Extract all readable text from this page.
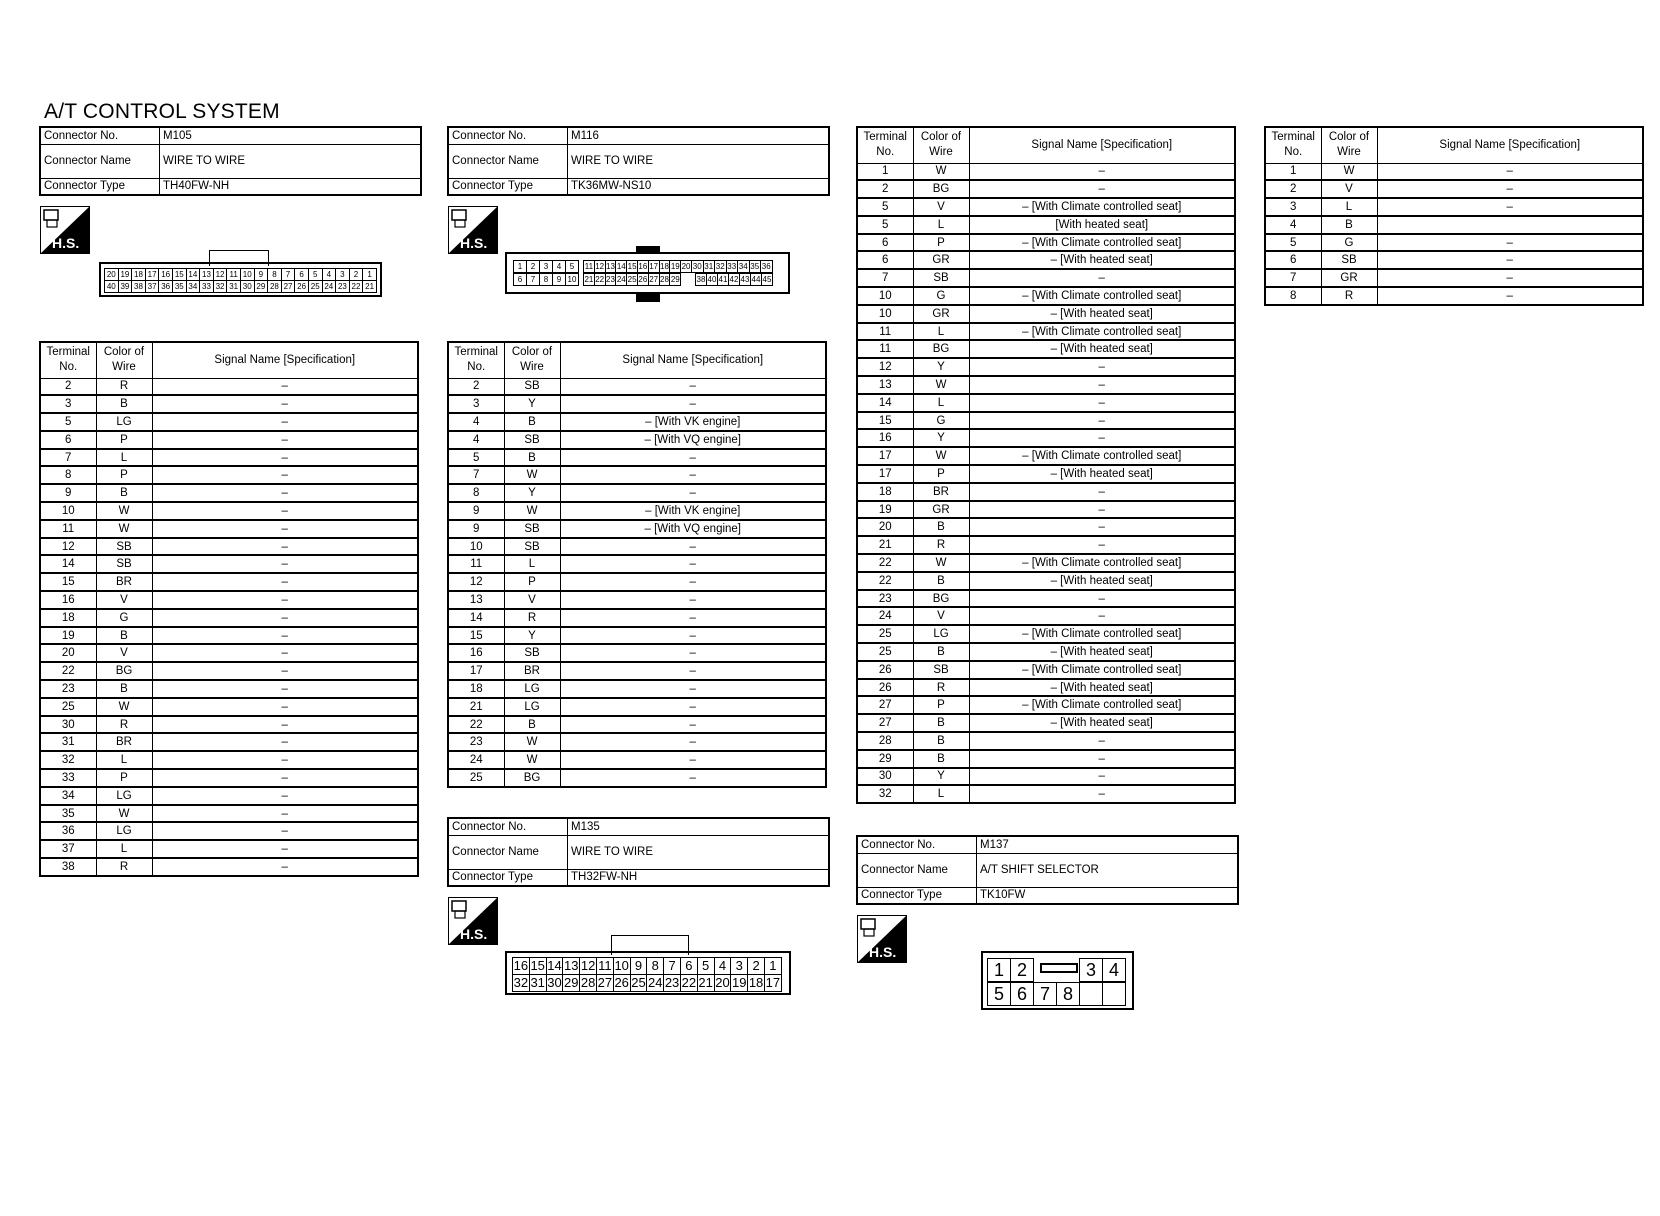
A/T CONTROL SYSTEM
Connector No.	M105
Connector Name	WIRE TO WIRE
Connector Type	TH40FW-NH
H.S.
20 19 18 17 16 15 14 13 12 11 10 9	8	7	6	5	4	3	2	1
40 39 38 37 36 35 34 33 32 31 30 29 28 27 26 25 24 23 22 21
Terminal No.	Color of Wire	Signal Name [Specification]
2	R	–
3	B	–
5	LG	–
6	P	–
7	L	–
8	P	–
9	B	–
10	W	–
11	W	–
12	SB	–
14	SB	–
15	BR	–
16	V	–
18	G	–
19	B	–
20	V	–
22	BG	–
23	B	–
25	W	–
30	R	–
31	BR	–
32	L	–
33	P	–
34	LG	–
35	W	–
36	LG	–
37	L	–
38	R	–
Connector No.	M116
Connector Name	WIRE TO WIRE
Connector Type	TK36MW-NS10
H.S.
1	2	3	4	5
6	7	8	9 10
11 12 13 14 15 16 17 18 19 20
21 22 23 24 25 26 27 28 29
30 31 32 33 34 35 36
38 40 41 42 43 44 45
Terminal No.	Color of Wire	Signal Name [Specification]
2	SB	–
3	Y	–
4	B	– [With VK engine]
4	SB	– [With VQ engine]
5	B	–
7	W	–
8	Y	–
9	W	– [With VK engine]
9	SB	– [With VQ engine]
10	SB	–
11	L	–
12	P	–
13	V	–
14	R	–
15	Y	–
16	SB	–
17	BR	–
18	LG	–
21	LG	–
22	B	–
23	W	–
24	W	–
25	BG	–
Connector No.	M135
Connector Name	WIRE TO WIRE
Connector Type	TH32FW-NH
H.S.
16 15 14 13 12 11 10 9 8 7 6 5 4 3 2 1
32 31 30 29 28 27 26 25 24 23 22 21 20 19 18 17
Terminal No.	Color of Wire	Signal Name [Specification]
1	W	–
2	BG	–
5	V	– [With Climate controlled seat]
5	L	[With heated seat]
6	P	– [With Climate controlled seat]
6	GR	– [With heated seat]
7	SB	–
10	G	– [With Climate controlled seat]
10	GR	– [With heated seat]
11	L	– [With Climate controlled seat]
11	BG	– [With heated seat]
12	Y	–
13	W	–
14	L	–
15	G	–
16	Y	–
17	W	– [With Climate controlled seat]
17	P	– [With heated seat]
18	BR	–
19	GR	–
20	B	–
21	R	–
22	W	– [With Climate controlled seat]
22	B	– [With heated seat]
23	BG	–
24	V	–
25	LG	– [With Climate controlled seat]
25	B	– [With heated seat]
26	SB	– [With Climate controlled seat]
26	R	– [With heated seat]
27	P	– [With Climate controlled seat]
27	B	– [With heated seat]
28	B	–
29	B	–
30	Y	–
32	L	–
Connector No.	M137
Connector Name	A/T SHIFT SELECTOR
Connector Type	TK10FW
H.S.
1 2	3 4
5 6 7 8
Terminal No.	Color of Wire	Signal Name [Specification]
1	W	–
2	V	–
3	L	–
4	B	
5	G	–
6	SB	–
7	GR	–
8	R	–
